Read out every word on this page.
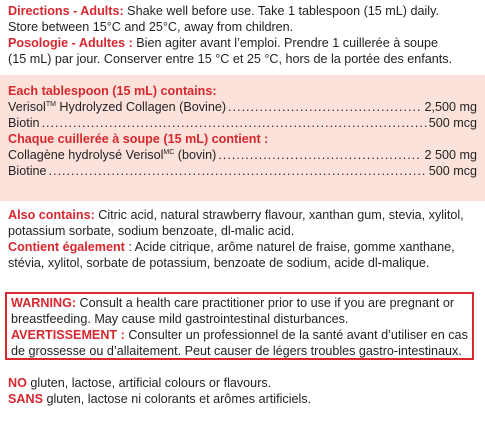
Directions - Adults: Shake well before use. Take 1 tablespoon (15 mL) daily.

Store between 15°C and 25°C, away from children.

Posologie - Adultes : Bien agiter avant l’emploi. Prendre 1 cuillerée à soupe

(15 mL) par jour. Conserver entre 15 °C et 25 °C, hors de la portée des enfants.

Each tablespoon (15 mL) contains:

Verisol™ Hydrolyzed Collagen (Bovine) .....	2,500 mg
Biotin .....	500 mcg

Chaque cuillerée à soupe (15 mL) contient :

Collagène hydrolysé Verisol$^{MC}$ (bovin) .....	2 500 mg
Biotine .....	500 mcg

Also contains: Citric acid, natural strawberry flavour, xanthan gum, stevia, xylitol,

potassium sorbate, sodium benzoate, dl-malic acid.

Contient également : Acide citrique, arôme naturel de fraise, gomme xanthane,

stévia, xylitol, sorbate de potassium, benzoate de sodium, acide dl-malique.

WARNING: Consult a health care practitioner prior to use if you are pregnant or

breastfeeding. May cause mild gastrointestinal disturbances.

AVERTISSEMENT : Consulter un professionnel de la santé avant d’utiliser en cas

de grossesse ou d’allaitement. Peut causer de légers troubles gastro-intestinaux.

NO gluten, lactose, artificial colours or flavours.

SANS gluten, lactose ni colorants et arômes artificiels.
